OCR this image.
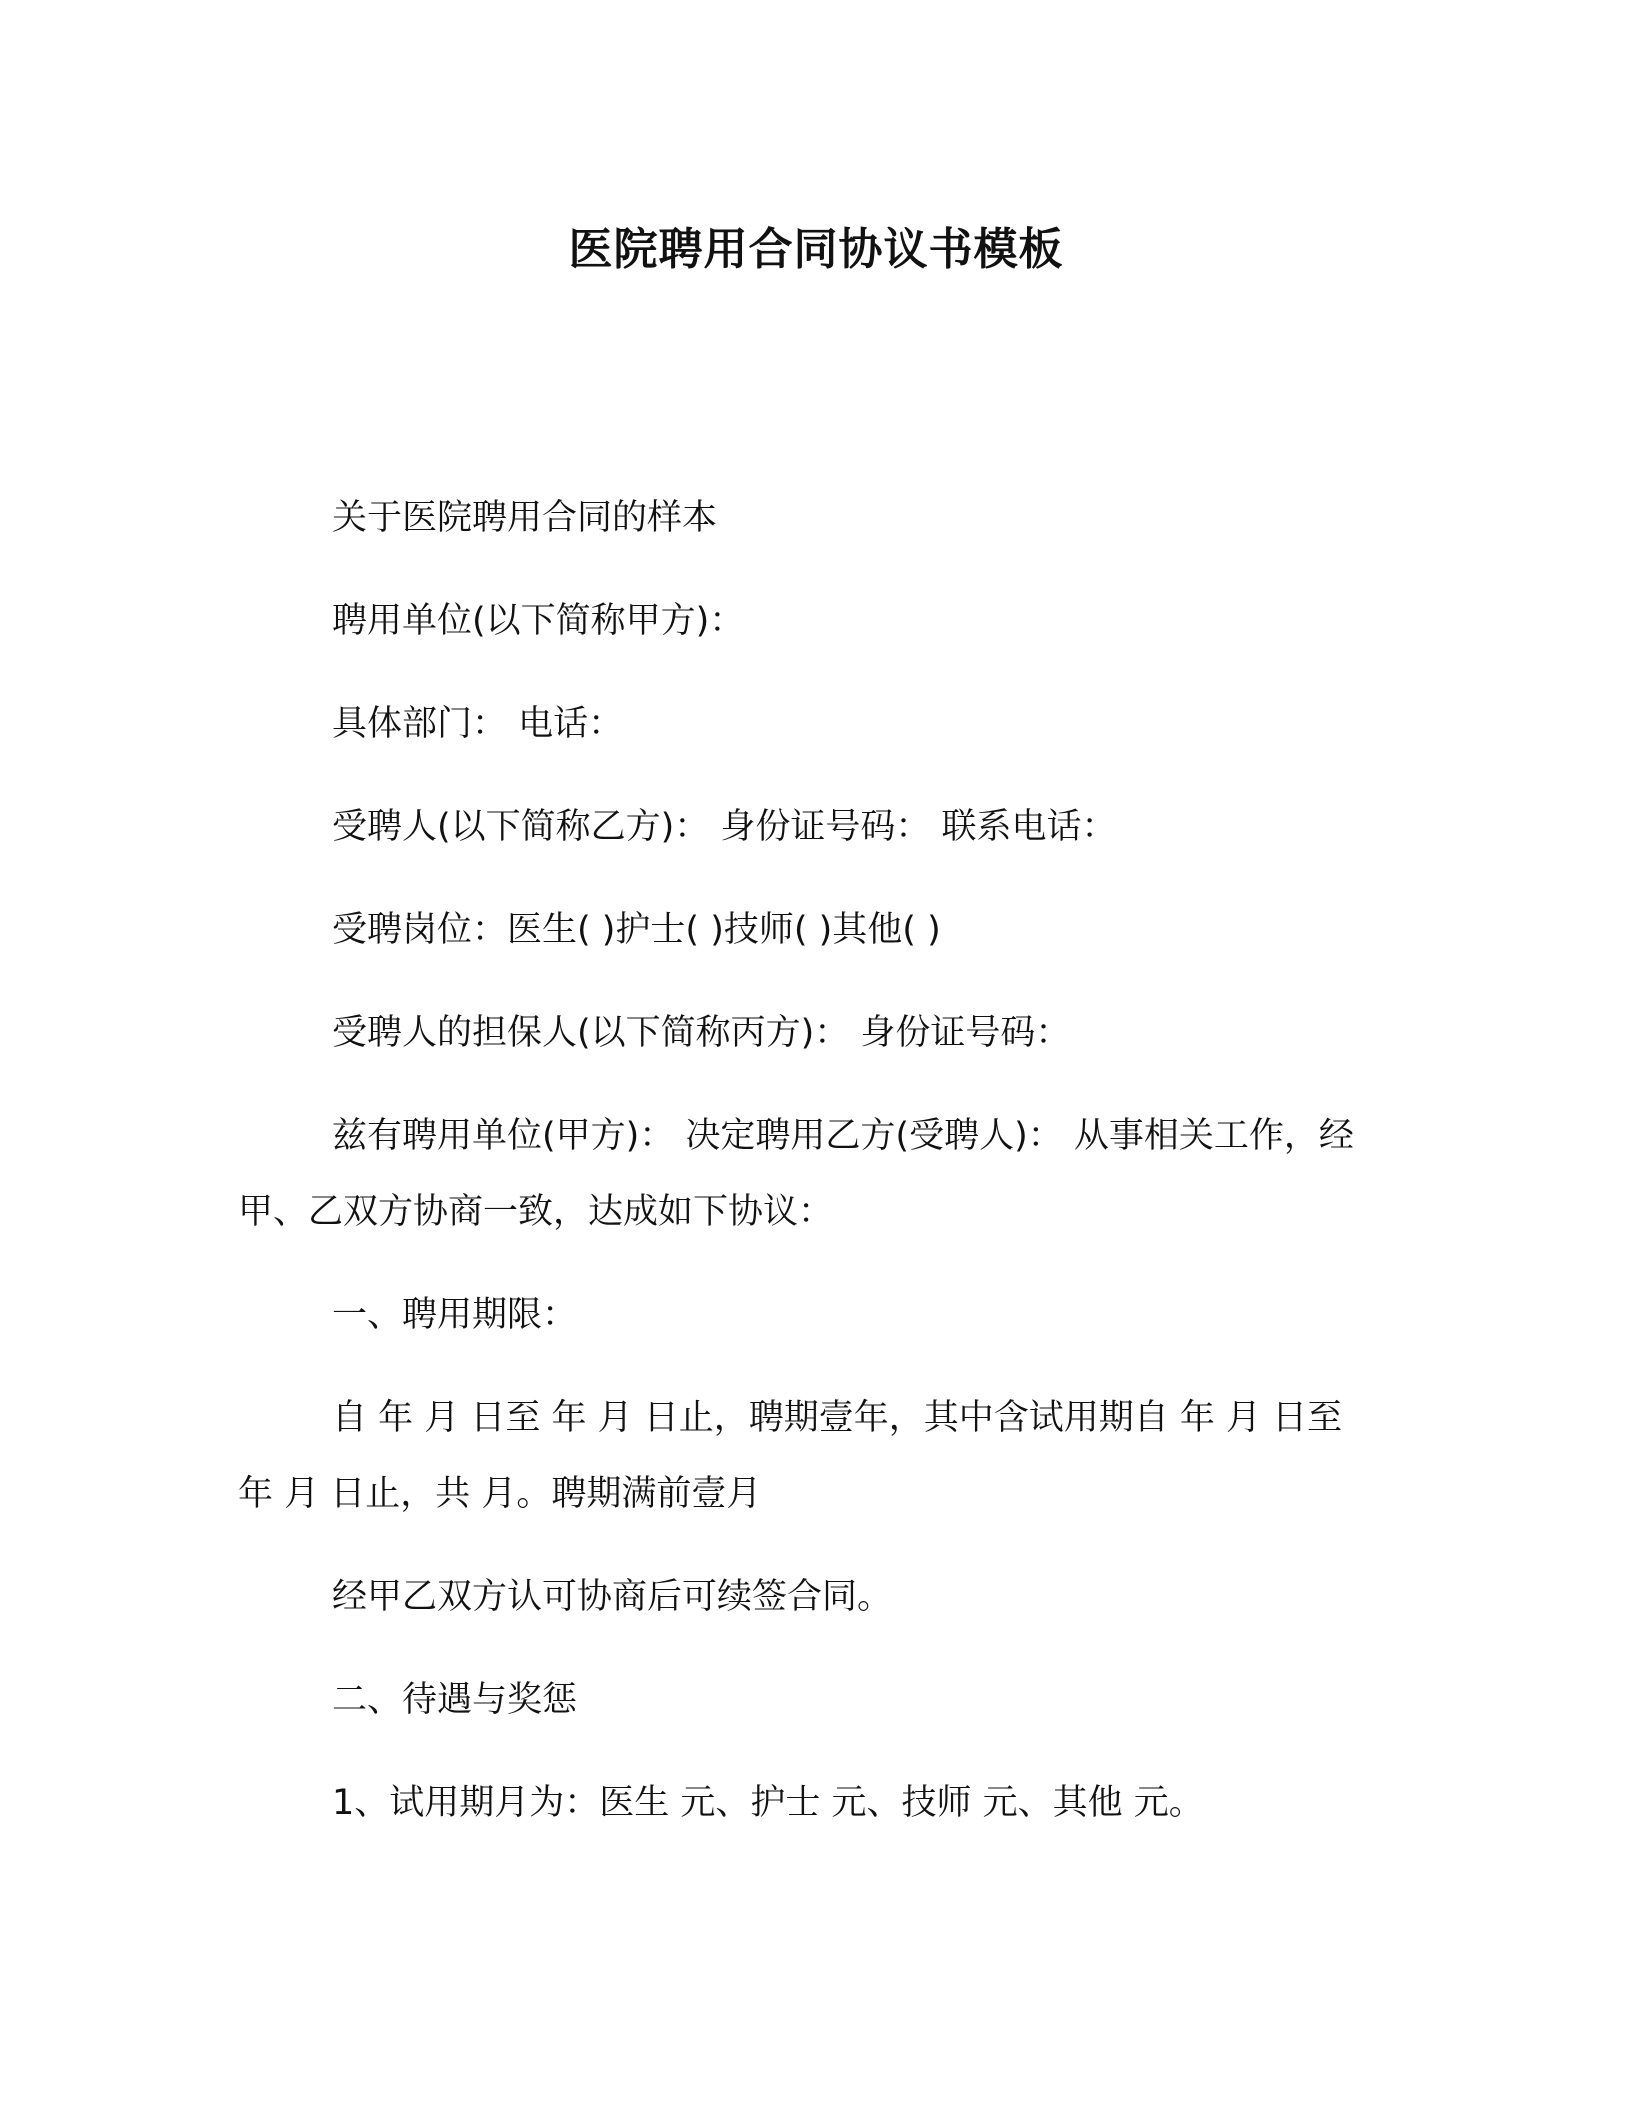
医院聘用合同协议书模板

关于医院聘用合同的样本

聘用单位(以下简称甲方)：

具体部门： 电话：

受聘人(以下简称乙方)： 身份证号码： 联系电话：

受聘岗位：医生( )护士( )技师( )其他( )

受聘人的担保人(以下简称丙方)： 身份证号码：

兹有聘用单位(甲方)： 决定聘用乙方(受聘人)： 从事相关工作，经甲、乙双方协商一致，达成如下协议：

一、聘用期限：

自 年 月 日至 年 月 日止，聘期壹年，其中含试用期自 年 月 日至 年 月 日止，共 月。聘期满前壹月

经甲乙双方认可协商后可续签合同。

二、待遇与奖惩

1、试用期月为：医生 元、护士 元、技师 元、其他 元。
